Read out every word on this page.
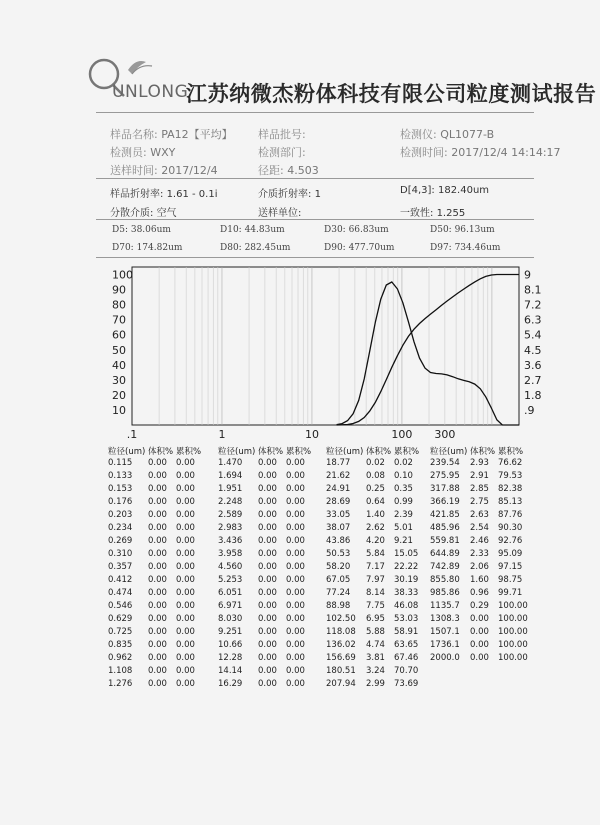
UNLONG
江苏纳微杰粉体科技有限公司粒度测试报告
样品名称: PA12【平均】 样品批号:	检测仪: QL1077-B
检测员: WXY	检测部门:	检测时间: 2017/12/4 14:14:17
送样时间: 2017/12/4	径距: 4.503
样品折射率: 1.61 - 0.1i	介质折射率: 1	D[4,3]: 182.40um
分散介质: 空气	送样单位:	一致性: 1.255
D5: 38.06um	D10: 44.83um	D30: 66.83um	D50: 96.13um
D70: 174.82um	D80: 282.45um	D90: 477.70um	D97: 734.46um
.1	1	10	100 300
100
90
80
70
60
50
40
30
20
10
9
8.1
7.2
6.3
5.4
4.5
3.6
2.7
1.8
.9
粒径(um) 体积% 累积%
0.115 0.00 0.00
0.133 0.00 0.00
0.153 0.00 0.00
0.176 0.00 0.00
0.203 0.00 0.00
0.234 0.00 0.00
0.269 0.00 0.00
0.310 0.00 0.00
0.357 0.00 0.00
0.412 0.00 0.00
0.474 0.00 0.00
0.546 0.00 0.00
0.629 0.00 0.00
0.725 0.00 0.00
0.835 0.00 0.00
0.962 0.00 0.00
1.108 0.00 0.00
1.276 0.00 0.00
粒径(um) 体积% 累积%
1.470 0.00 0.00
1.694 0.00 0.00
1.951 0.00 0.00
2.248 0.00 0.00
2.589 0.00 0.00
2.983 0.00 0.00
3.436 0.00 0.00
3.958 0.00 0.00
4.560 0.00 0.00
5.253 0.00 0.00
6.051 0.00 0.00
6.971 0.00 0.00
8.030 0.00 0.00
9.251 0.00 0.00
10.66 0.00 0.00
12.28 0.00 0.00
14.14 0.00 0.00
16.29 0.00 0.00
粒径(um) 体积% 累积%
18.77 0.02 0.02
21.62 0.08 0.10
24.91 0.25 0.35
28.69 0.64 0.99
33.05 1.40 2.39
38.07 2.62 5.01
43.86 4.20 9.21
50.53 5.84 15.05
58.20 7.17 22.22
67.05 7.97 30.19
77.24 8.14 38.33
88.98 7.75 46.08
102.50 6.95 53.03
118.08 5.88 58.91
136.02 4.74 63.65
156.69 3.81 67.46
180.51 3.24 70.70
207.94 2.99 73.69
粒径(um) 体积% 累积%
239.54 2.93 76.62
275.95 2.91 79.53
317.88 2.85 82.38
366.19 2.75 85.13
421.85 2.63 87.76
485.96 2.54 90.30
559.81 2.46 92.76
644.89 2.33 95.09
742.89 2.06 97.15
855.80 1.60 98.75
985.86 0.96 99.71
1135.7 0.29 100.00
1308.3 0.00 100.00
1507.1 0.00 100.00
1736.1 0.00 100.00
2000.0 0.00 100.00
